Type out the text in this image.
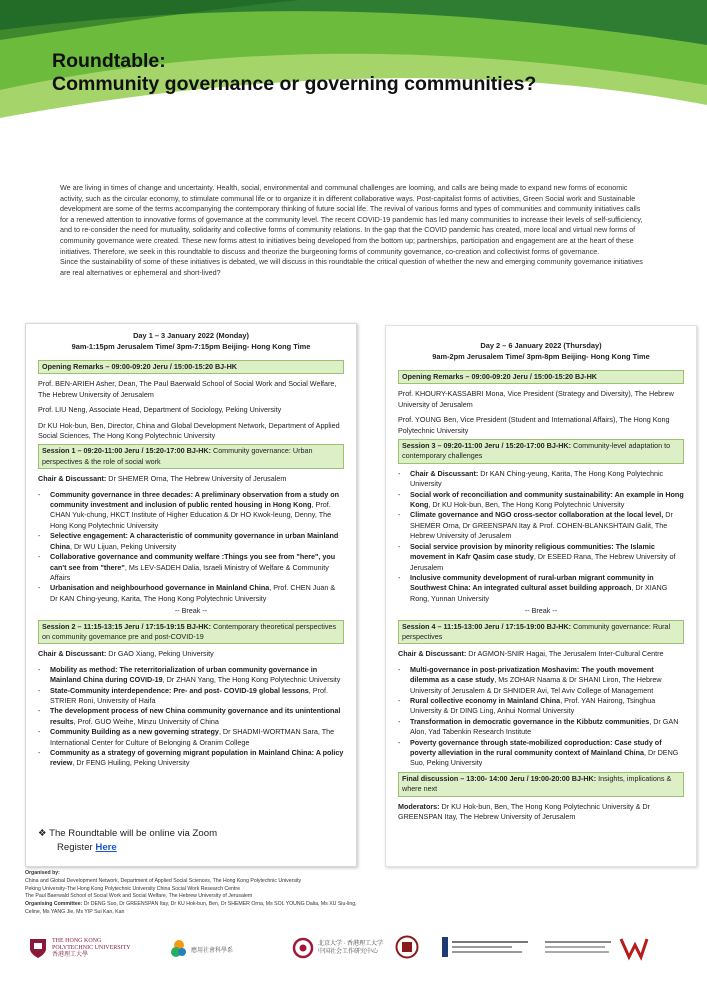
Roundtable:
Community governance or governing communities?

We are living in times of change and uncertainty. Health, social, environmental and communal challenges are looming, and calls are being made to expand new forms of economic activity, such as the circular economy, to stimulate communal life or to organize it in different collaborative ways. Post-capitalist forms of activities, Green Social work and Sustainable development are some of the terms accompanying the contemporary thinking of future social life. The revival of various forms and types of communities and community initiatives calls for a renewed attention to innovative forms of governance at the community level. The recent COVID-19 pandemic has led many communities to increase their levels of self-sufficiency, and to re-consider the need for mutuality, solidarity and collective forms of community relations. In the gap that the COVID pandemic has created, more local and virtual new forms of community governance were created. These new forms attest to initiatives being developed from the bottom up; partnerships, participation and engagement are at the heart of these initiatives. Therefore, we seek in this roundtable to discuss and theorize the burgeoning forms of community governance, co-creation and collectivist forms of governance.

Since the sustainability of some of these initiatives is debated, we will discuss in this roundtable the critical question of whether the new and emerging community governance initiatives are real alternatives or ephemeral and short-lived?

Day 1 – 3 January 2022 (Monday)
9am-1:15pm Jerusalem Time/ 3pm-7:15pm Beijing- Hong Kong Time
Opening Remarks – 09:00-09:20 Jeru / 15:00-15:20 BJ-HK

Prof. BEN-ARIEH Asher, Dean, The Paul Baerwald School of Social Work and Social Welfare, The Hebrew University of Jerusalem

Prof. LIU Neng, Associate Head, Department of Sociology, Peking University

Dr KU Hok-bun, Ben, Director, China and Global Development Network, Department of Applied Social Sciences, The Hong Kong Polytechnic University

Session 1 – 09:20-11:00 Jeru / 15:20-17:00 BJ-HK: Community governance: Urban perspectives & the role of social work

Chair & Discussant: Dr SHEMER Orna, The Hebrew University of Jerusalem

- Community governance in three decades: A preliminary observation from a study on community investment and inclusion of public rented housing in Hong Kong, Prof. CHAN Yuk-chung, HKCT Institute of Higher Education & Dr HO Kwok-leung, Denny, The Hong Kong Polytechnic University
- Selective engagement: A characteristic of community governance in urban Mainland China, Dr WU Lijuan, Peking University
- Collaborative governance and community welfare :Things you see from "here", you can't see from "there", Ms LEV-SADEH Dalia, Israeli Ministry of Welfare & Community Affairs
- Urbanisation and neighbourhood governance in Mainland China, Prof. CHEN Juan & Dr KAN Ching-yeung, Karita, The Hong Kong Polytechnic University
-- Break --
Session 2 – 11:15-13:15 Jeru / 17:15-19:15 BJ-HK: Contemporary theoretical perspectives on community governance pre and post-COVID-19

Chair & Discussant: Dr GAO Xiang, Peking University

- Mobility as method: The reterritorialization of urban community governance in Mainland China during COVID-19, Dr ZHAN Yang, The Hong Kong Polytechnic University
- State-Community interdependence: Pre- and post- COVID-19 global lessons, Prof. STRIER Roni, University of Haifa
- The development process of new China community governance and its unintentional results, Prof. GUO Weihe, Minzu University of China
- Community Building as a new governing strategy, Dr SHADMI-WORTMAN Sara, The International Center for Culture of Belonging & Oranim College
- Community as a strategy of governing migrant population in Mainland China: A policy review, Dr FENG Huiling, Peking University
Day 2 – 6 January 2022 (Thursday)
9am-2pm Jerusalem Time/ 3pm-8pm Beijing- Hong Kong Time
Opening Remarks – 09:00-09:20 Jeru / 15:00-15:20 BJ-HK

Prof. KHOURY-KASSABRI Mona, Vice President (Strategy and Diversity), The Hebrew University of Jerusalem

Prof. YOUNG Ben, Vice President (Student and International Affairs), The Hong Kong Polytechnic University

Session 3 – 09:20-11:00 Jeru / 15:20-17:00 BJ-HK: Community-level adaptation to contemporary challenges
- Chair & Discussant: Dr KAN Ching-yeung, Karita, The Hong Kong Polytechnic University
- Social work of reconciliation and community sustainability: An example in Hong Kong, Dr KU Hok-bun, Ben, The Hong Kong Polytechnic University
- Climate governance and NGO cross-sector collaboration at the local level, Dr SHEMER Orna, Dr GREENSPAN Itay & Prof. COHEN-BLANKSHTAIN Galit, The Hebrew University of Jerusalem
- Social service provision by minority religious communities: The Islamic movement in Kafr Qasim case study, Dr ESEED Rana, The Hebrew University of Jerusalem
- Inclusive community development of rural-urban migrant community in Southwest China: An integrated cultural asset building approach, Dr XIANG Rong, Yunnan University
-- Break --
Session 4 – 11:15-13:00 Jeru / 17:15-19:00 BJ-HK: Community governance: Rural perspectives

Chair & Discussant: Dr AGMON-SNIR Hagai, The Jerusalem Inter-Cultural Centre

- Multi-governance in post-privatization Moshavim: The youth movement dilemma as a case study, Ms ZOHAR Naama & Dr SHANI Liron, The Hebrew University of Jerusalem & Dr SHNIDER Avi, Tel Aviv College of Management
- Rural collective economy in Mainland China, Prof. YAN Hairong, Tsinghua University & Dr DING Ling, Anhui Normal University
- Transformation in democratic governance in the Kibbutz communities, Dr GAN Alon, Yad Tabenkin Research Institute
- Poverty governance through state-mobilized coproduction: Case study of poverty alleviation in the rural community context of Mainland China, Dr DENG Suo, Peking University
Final discussion – 13:00- 14:00 Jeru / 19:00-20:00 BJ-HK: Insights, implications & where next

Moderators: Dr KU Hok-bun, Ben, The Hong Kong Polytechnic University & Dr GREENSPAN Itay, The Hebrew University of Jerusalem

❖ The Roundtable will be online via Zoom
Register Here

Organised by:

China and Global Development Network, Department of Applied Social Sciences, The Hong Kong Polytechnic University

Peking University-The Hong Kong Polytechnic University China Social Work Research Centre

The Paul Baerwald School of Social Work and Social Welfare, The Hebrew University of Jerusalem

Organising Committee: Dr DENG Suo, Dr GREENSPAN Itay, Dr KU Hok-bun, Ben, Dr SHEMER Orna, Ms SOL YOUNG Dalia, Ms XU Siu-ling, Celine, Ms YANG Jie, Ms YIP Sui Kan, Kan

THE HONG KONG POLYTECHNIC UNIVERSITY
香港理工大學
應用社會科學系
北京大学 · 香港理工大学 中国社会工作研究中心
